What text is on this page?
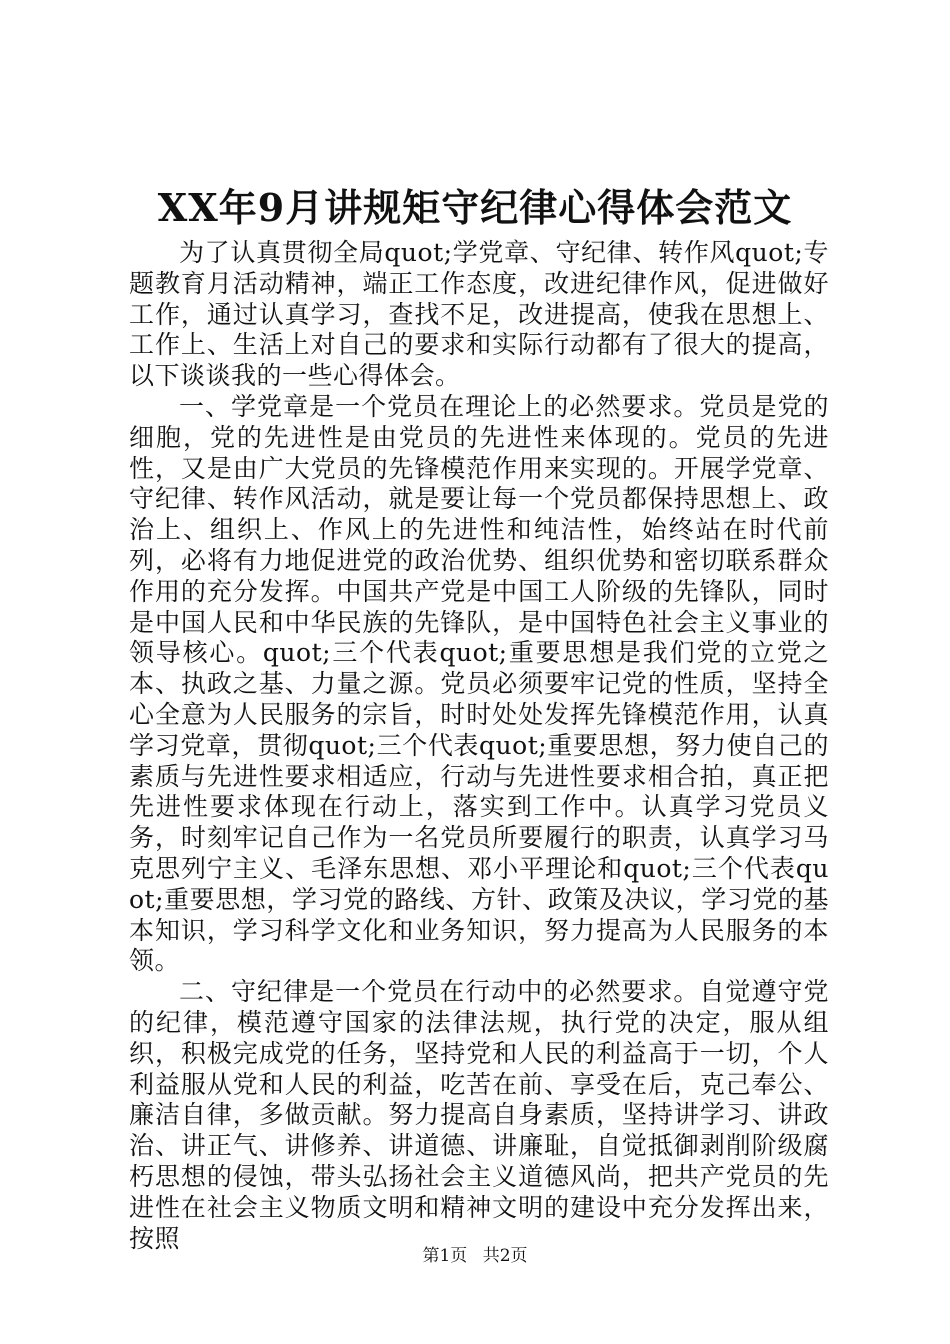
XX年9月讲规矩守纪律心得体会范文

为了认真贯彻全局quot;学党章、守纪律、转作风quot;专题教育月活动精神，端正工作态度，改进纪律作风，促进做好工作，通过认真学习，查找不足，改进提高，使我在思想上、工作上、生活上对自己的要求和实际行动都有了很大的提高，以下谈谈我的一些心得体会。

一、学党章是一个党员在理论上的必然要求。党员是党的细胞，党的先进性是由党员的先进性来体现的。党员的先进性，又是由广大党员的先锋模范作用来实现的。开展学党章、守纪律、转作风活动，就是要让每一个党员都保持思想上、政治上、组织上、作风上的先进性和纯洁性，始终站在时代前列，必将有力地促进党的政治优势、组织优势和密切联系群众作用的充分发挥。中国共产党是中国工人阶级的先锋队，同时是中国人民和中华民族的先锋队，是中国特色社会主义事业的领导核心。quot;三个代表quot;重要思想是我们党的立党之本、执政之基、力量之源。党员必须要牢记党的性质，坚持全心全意为人民服务的宗旨，时时处处发挥先锋模范作用，认真学习党章，贯彻quot;三个代表quot;重要思想，努力使自己的素质与先进性要求相适应，行动与先进性要求相合拍，真正把先进性要求体现在行动上，落实到工作中。认真学习党员义务，时刻牢记自己作为一名党员所要履行的职责，认真学习马克思列宁主义、毛泽东思想、邓小平理论和quot;三个代表quot;重要思想，学习党的路线、方针、政策及决议，学习党的基本知识，学习科学文化和业务知识，努力提高为人民服务的本领。

二、守纪律是一个党员在行动中的必然要求。自觉遵守党的纪律，模范遵守国家的法律法规，执行党的决定，服从组织，积极完成党的任务，坚持党和人民的利益高于一切，个人利益服从党和人民的利益，吃苦在前、享受在后，克己奉公、廉洁自律，多做贡献。努力提高自身素质，坚持讲学习、讲政治、讲正气、讲修养、讲道德、讲廉耻，自觉抵御剥削阶级腐朽思想的侵蚀，带头弘扬社会主义道德风尚，把共产党员的先进性在社会主义物质文明和精神文明的建设中充分发挥出来，按照

第1页 共2页
